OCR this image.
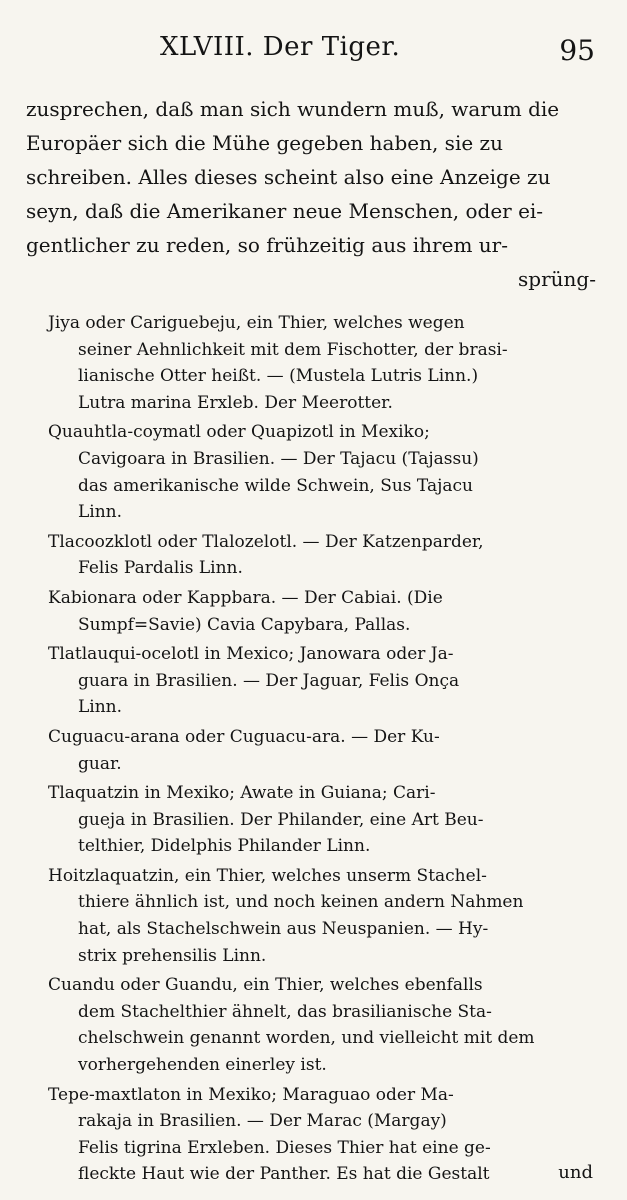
XLVIII. Der Tiger.	95
zusprechen, daß man sich wundern muß, warum die
Europäer sich die Mühe gegeben haben, sie zu
schreiben. Alles dieses scheint also eine Anzeige zu
seyn, daß die Amerikaner neue Menschen, oder ei-
gentlicher zu reden, so frühzeitig aus ihrem ur-
sprüng-
Jiya oder Cariguebeju, ein Thier, welches wegen
seiner Aehnlichkeit mit dem Fischotter, der brasi-
lianische Otter heißt. — (Mustela Lutris Linn.)
Lutra marina Erxleb. Der Meerotter.
Quauhtla-coymatl oder Quapizotl in Mexiko;
Cavigoara in Brasilien. — Der Tajacu (Tajassu)
das amerikanische wilde Schwein, Sus Tajacu
Linn.
Tlacoozklotl oder Tlalozelotl. — Der Katzenparder,
Felis Pardalis Linn.
Kabionara oder Kappbara. — Der Cabiai. (Die
Sumpf=Savie) Cavia Capybara, Pallas.
Tlatlauqui-ocelotl in Mexico; Janowara oder Ja-
guara in Brasilien. — Der Jaguar, Felis Onça
Linn.
Cuguacu-arana oder Cuguacu-ara. — Der Ku-
guar.
Tlaquatzin in Mexiko; Awate in Guiana; Cari-
gueja in Brasilien. Der Philander, eine Art Beu-
telthier, Didelphis Philander Linn.
Hoitzlaquatzin, ein Thier, welches unserm Stachel-
thiere ähnlich ist, und noch keinen andern Nahmen
hat, als Stachelschwein aus Neuspanien. — Hy-
strix prehensilis Linn.
Cuandu oder Guandu, ein Thier, welches ebenfalls
dem Stachelthier ähnelt, das brasilianische Sta-
chelschwein genannt worden, und vielleicht mit dem
vorhergehenden einerley ist.
Tepe-maxtlaton in Mexiko; Maraguao oder Ma-
rakaja in Brasilien. — Der Marac (Margay)
Felis tigrina Erxleben. Dieses Thier hat eine ge-
fleckte Haut wie der Panther. Es hat die Gestalt	und
